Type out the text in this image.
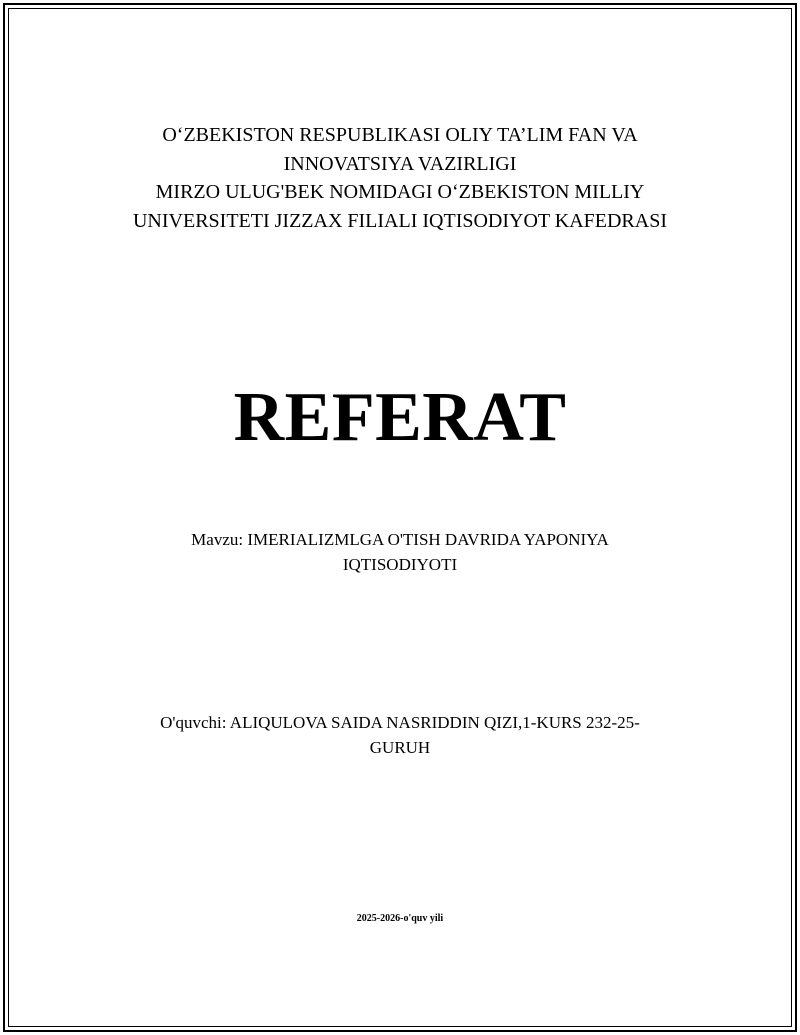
O‘ZBEKISTON RESPUBLIKASI OLIY TA’LIM FAN VA
INNOVATSIYA VAZIRLIGI
MIRZO ULUG'BEK NOMIDAGI O‘ZBEKISTON MILLIY
UNIVERSITETI JIZZAX FILIALI IQTISODIYOT KAFEDRASI
REFERAT
Mavzu: IMERIALIZMLGA O'TISH DAVRIDA YAPONIYA
IQTISODIYOTI
O'quvchi: ALIQULOVA SAIDA NASRIDDIN QIZI,1-KURS 232-25-
GURUH
2025-2026-o'quv yili
